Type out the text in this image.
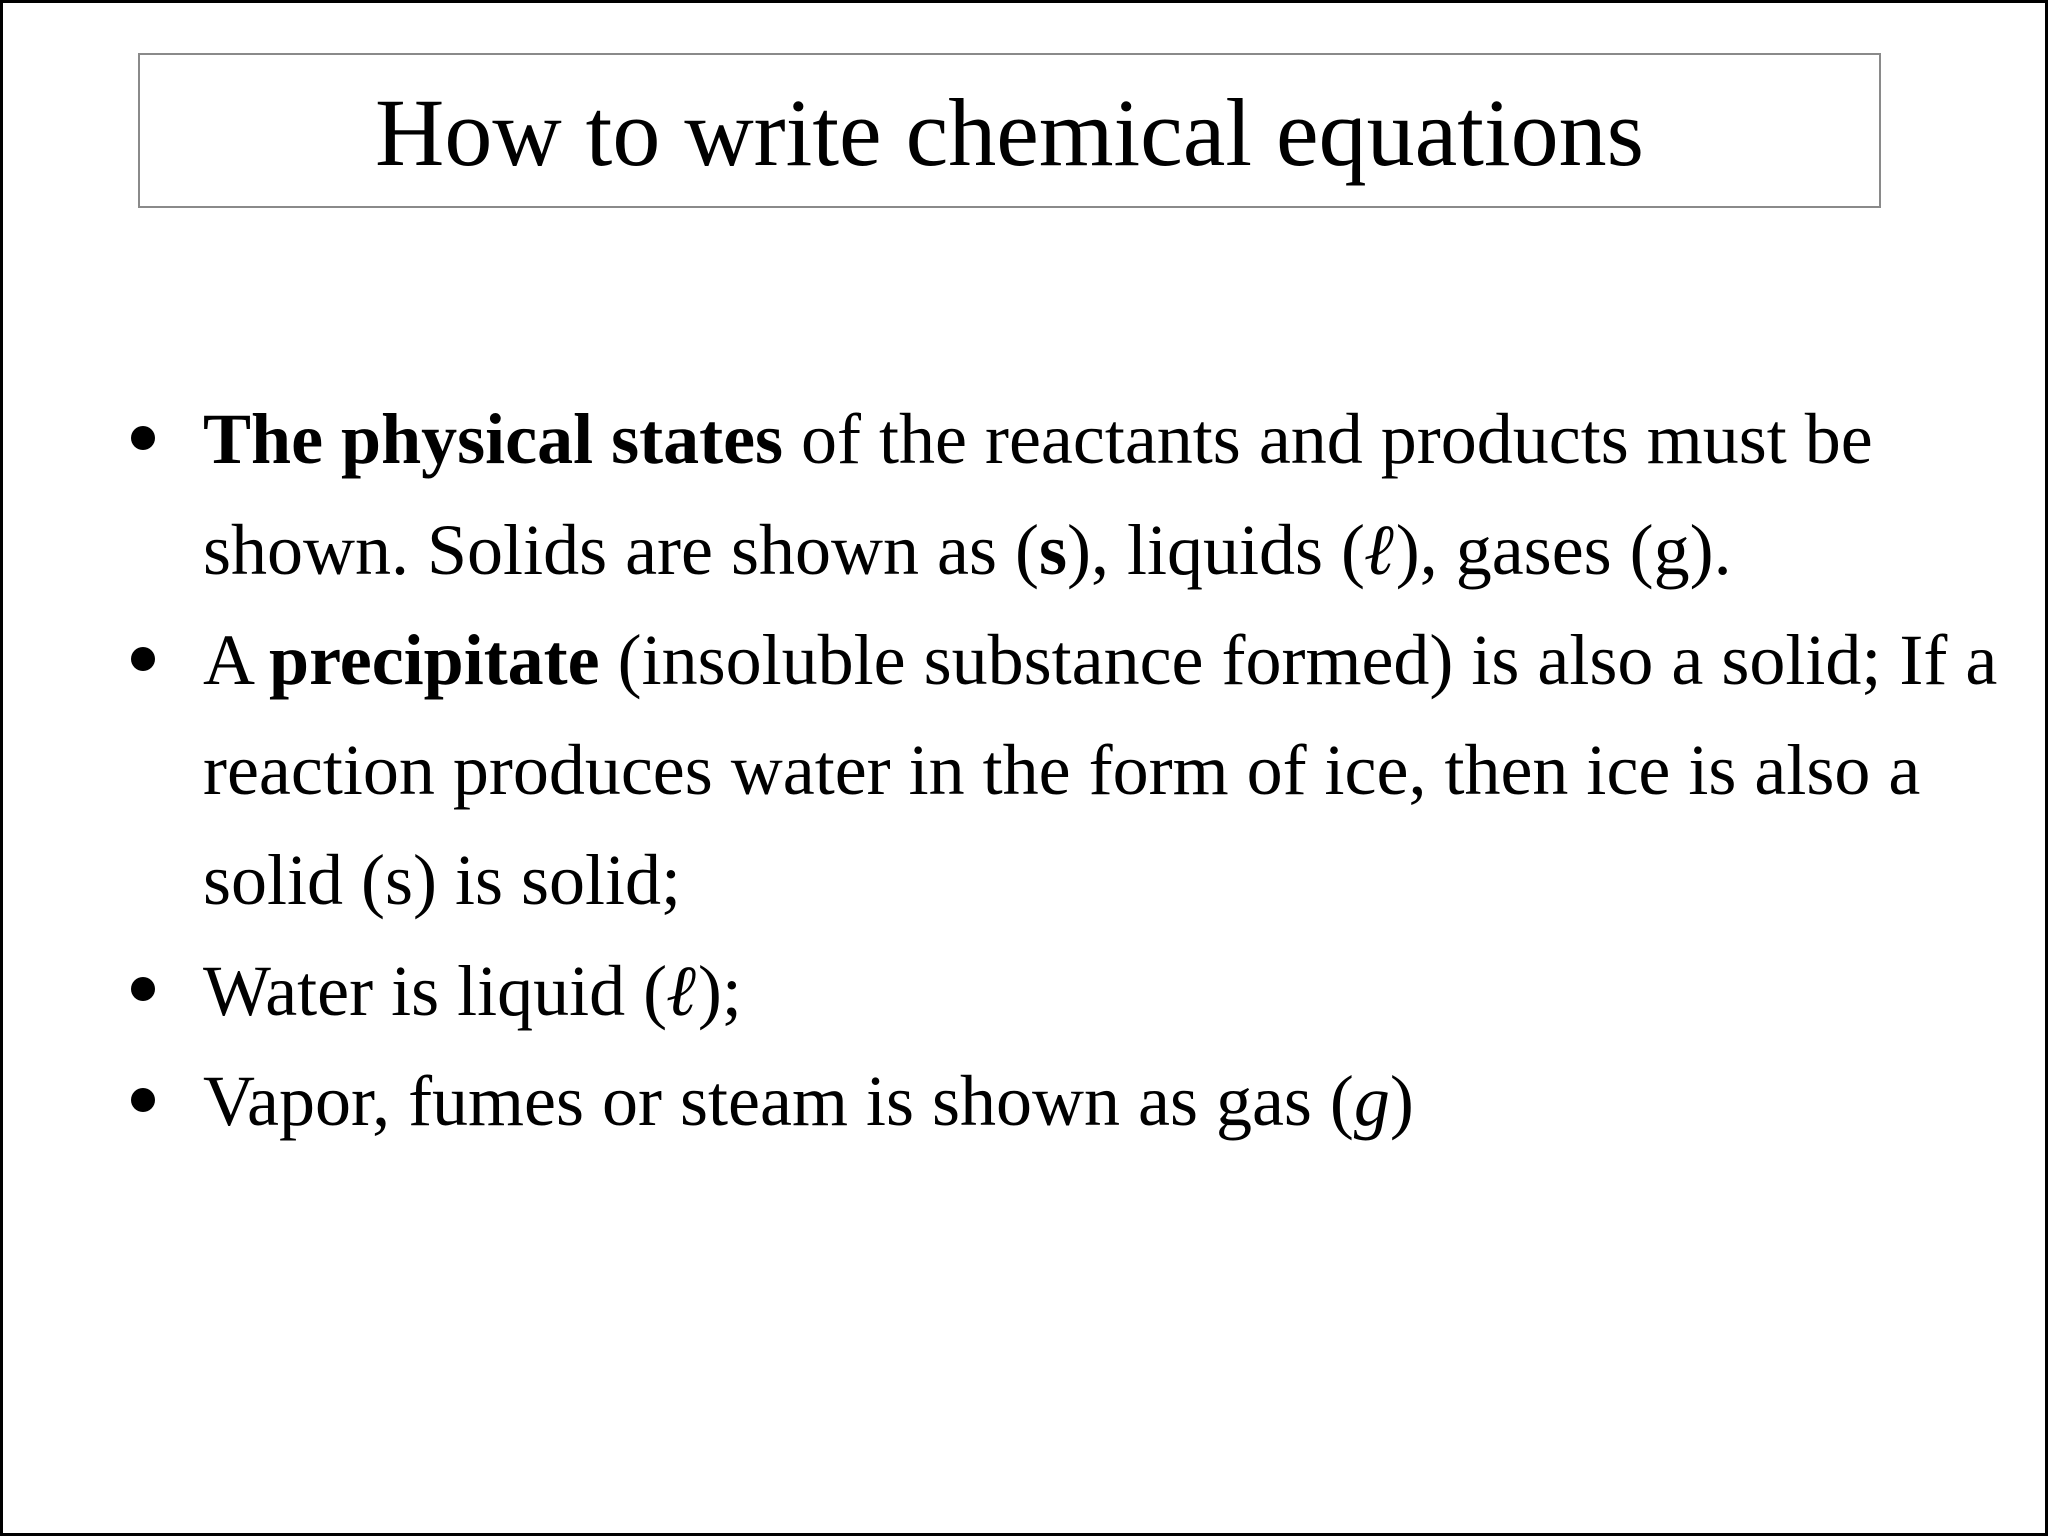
How to write chemical equations
The physical states of the reactants and products must be shown. Solids are shown as (s), liquids (ℓ), gases (g).
A precipitate (insoluble substance formed) is also a solid; If a reaction produces water in the form of ice, then ice is also a solid (s) is solid;
Water is liquid (ℓ);
Vapor, fumes or steam is shown as gas (g)
